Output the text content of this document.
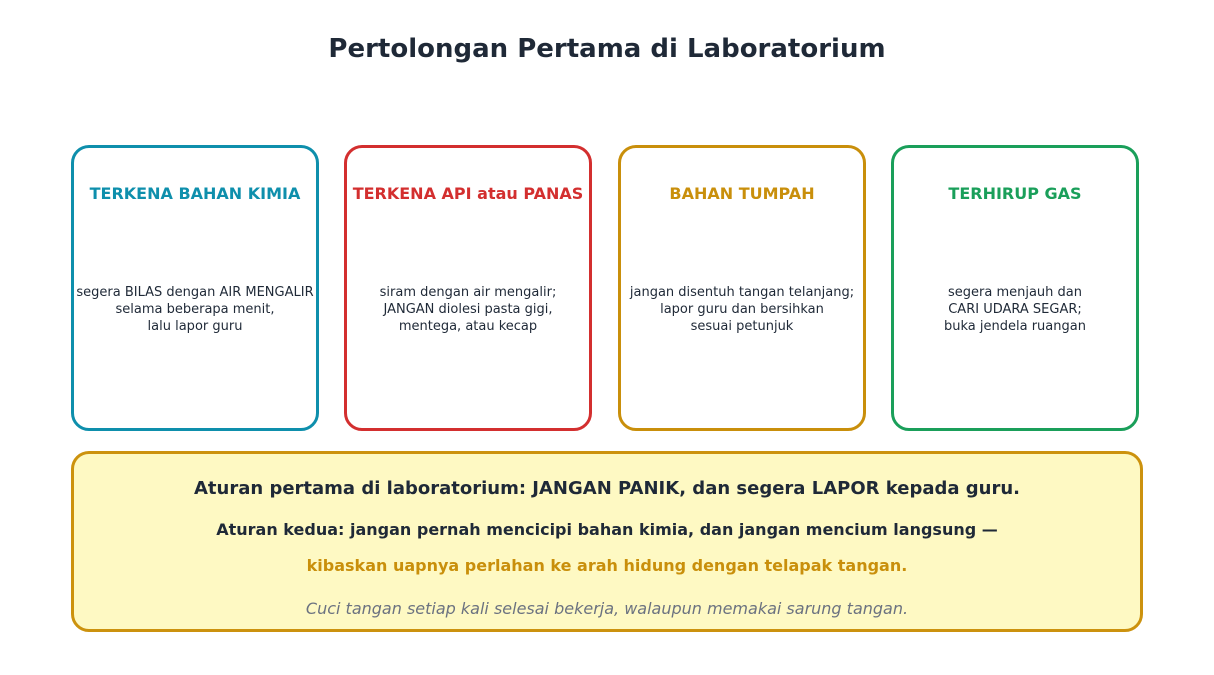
Pertolongan Pertama di Laboratorium
TERKENA BAHAN KIMIA
segera BILAS dengan AIR MENGALIR
selama beberapa menit,
lalu lapor guru
TERKENA API atau PANAS
siram dengan air mengalir;
JANGAN diolesi pasta gigi,
mentega, atau kecap
BAHAN TUMPAH
jangan disentuh tangan telanjang;
lapor guru dan bersihkan
sesuai petunjuk
TERHIRUP GAS
segera menjauh dan
CARI UDARA SEGAR;
buka jendela ruangan
Aturan pertama di laboratorium: JANGAN PANIK, dan segera LAPOR kepada guru.
Aturan kedua: jangan pernah mencicipi bahan kimia, dan jangan mencium langsung —
kibaskan uapnya perlahan ke arah hidung dengan telapak tangan.
Cuci tangan setiap kali selesai bekerja, walaupun memakai sarung tangan.
